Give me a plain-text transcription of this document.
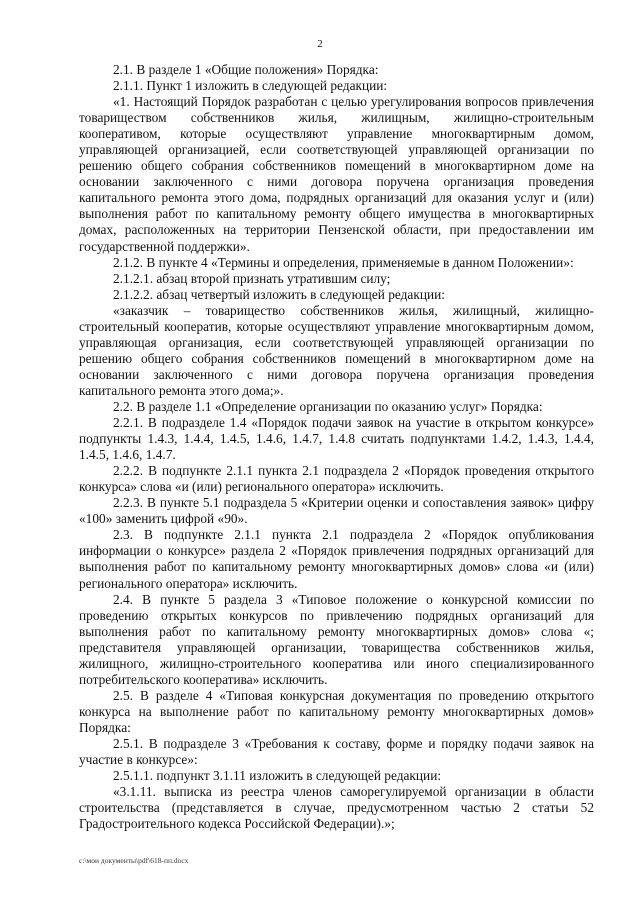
2

2.1. В разделе 1 «Общие положения» Порядка:

2.1.1. Пункт 1 изложить в следующей редакции:

«1. Настоящий Порядок разработан с целью урегулирования вопросов привлечения товариществом собственников жилья, жилищным, жилищно-строительным кооперативом, которые осуществляют управление многоквартирным домом, управляющей организацией, если соответствующей управляющей организации по решению общего собрания собственников помещений в многоквартирном доме на основании заключенного с ними договора поручена организация проведения капитального ремонта этого дома, подрядных организаций для оказания услуг и (или) выполнения работ по капитальному ремонту общего имущества в многоквартирных домах, расположенных на территории Пензенской области, при предоставлении им государственной поддержки».

2.1.2. В пункте 4 «Термины и определения, применяемые в данном Положении»:

2.1.2.1. абзац второй признать утратившим силу;

2.1.2.2. абзац четвертый изложить в следующей редакции:

«заказчик – товарищество собственников жилья, жилищный, жилищно-строительный кооператив, которые осуществляют управление многоквартирным домом, управляющая организация, если соответствующей управляющей организации по решению общего собрания собственников помещений в многоквартирном доме на основании заключенного с ними договора поручена организация проведения капитального ремонта этого дома;».

2.2. В разделе 1.1 «Определение организации по оказанию услуг» Порядка:

2.2.1. В подразделе 1.4 «Порядок подачи заявок на участие в открытом конкурсе» подпункты 1.4.3, 1.4.4, 1.4.5, 1.4.6, 1.4.7, 1.4.8 считать подпунктами 1.4.2, 1.4.3, 1.4.4, 1.4.5, 1.4.6, 1.4.7.

2.2.2. В подпункте 2.1.1 пункта 2.1 подраздела 2 «Порядок проведения открытого конкурса» слова «и (или) регионального оператора» исключить.

2.2.3. В пункте 5.1 подраздела 5 «Критерии оценки и сопоставления заявок» цифру «100» заменить цифрой «90».

2.3. В подпункте 2.1.1 пункта 2.1 подраздела 2 «Порядок опубликования информации о конкурсе» раздела 2 «Порядок привлечения подрядных организаций для выполнения работ по капитальному ремонту многоквартирных домов» слова «и (или) регионального оператора» исключить.

2.4. В пункте 5 раздела 3 «Типовое положение о конкурсной комиссии по проведению открытых конкурсов по привлечению подрядных организаций для выполнения работ по капитальному ремонту многоквартирных домов» слова «; представителя управляющей организации, товарищества собственников жилья, жилищного, жилищно-строительного кооператива или иного специализированного потребительского кооператива» исключить.

2.5. В разделе 4 «Типовая конкурсная документация по проведению открытого конкурса на выполнение работ по капитальному ремонту многоквартирных домов» Порядка:

2.5.1. В подразделе 3 «Требования к составу, форме и порядку подачи заявок на участие в конкурсе»:

2.5.1.1. подпункт 3.1.11 изложить в следующей редакции:

«3.1.11. выписка из реестра членов саморегулируемой организации в области строительства (представляется в случае, предусмотренном частью 2 статьи 52 Градостроительного кодекса Российской Федерации).»;

c:\мои документы\pdf\618-пп.docx
